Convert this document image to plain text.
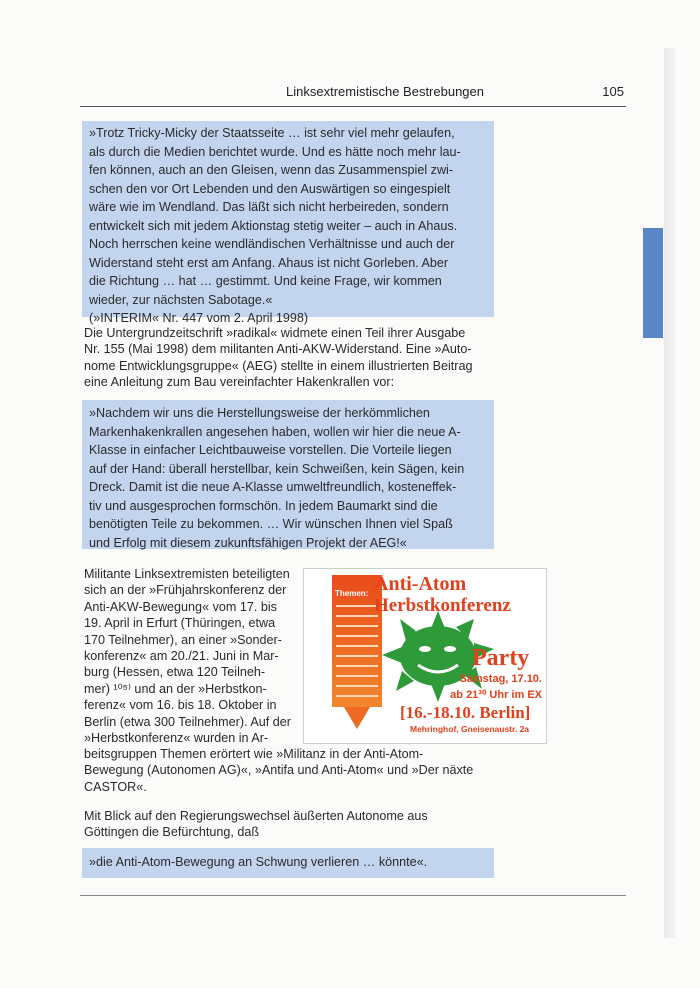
Linksextremistische Bestrebungen	105

»Trotz Tricky-Micky der Staatsseite … ist sehr viel mehr gelaufen,

als durch die Medien berichtet wurde. Und es hätte noch mehr lau-

fen können, auch an den Gleisen, wenn das Zusammenspiel zwi-

schen den vor Ort Lebenden und den Auswärtigen so eingespielt

wäre wie im Wendland. Das läßt sich nicht herbeireden, sondern

entwickelt sich mit jedem Aktionstag stetig weiter – auch in Ahaus.

Noch herrschen keine wendländischen Verhältnisse und auch der

Widerstand steht erst am Anfang. Ahaus ist nicht Gorleben. Aber

die Richtung … hat … gestimmt. Und keine Frage, wir kommen

wieder, zur nächsten Sabotage.«

(»INTERIM« Nr. 447 vom 2. April 1998)

Die Untergrundzeitschrift »radikal« widmete einen Teil ihrer Ausgabe

Nr. 155 (Mai 1998) dem militanten Anti-AKW-Widerstand. Eine »Auto-

nome Entwicklungsgruppe« (AEG) stellte in einem illustrierten Beitrag

eine Anleitung zum Bau vereinfachter Hakenkrallen vor:

»Nachdem wir uns die Herstellungsweise der herkömmlichen

Markenhakenkrallen angesehen haben, wollen wir hier die neue A-

Klasse in einfacher Leichtbauweise vorstellen. Die Vorteile liegen

auf der Hand: überall herstellbar, kein Schweißen, kein Sägen, kein

Dreck. Damit ist die neue A-Klasse umweltfreundlich, kosteneffek-

tiv und ausgesprochen formschön. In jedem Baumarkt sind die

benötigten Teile zu bekommen. … Wir wünschen Ihnen viel Spaß

und Erfolg mit diesem zukunftsfähigen Projekt der AEG!«

Militante Linksextremisten beteiligten

sich an der »Frühjahrskonferenz der

Anti-AKW-Bewegung« vom 17. bis

19. April in Erfurt (Thüringen, etwa

170 Teilnehmer), an einer »Sonder-

konferenz« am 20./21. Juni in Mar-

burg (Hessen, etwa 120 Teilneh-

mer) ¹⁰⁵⁾ und an der »Herbstkon-

ferenz« vom 16. bis 18. Oktober in

Berlin (etwa 300 Teilnehmer). Auf der

»Herbstkonferenz« wurden in Ar-

beitsgruppen Themen erörtert wie »Militanz in der Anti-Atom-

Bewegung (Autonomen AG)«, »Antifa und Anti-Atom« und »Der näxte

CASTOR«.

Themen: Anti-Atom
Herbstkonferenz
Party
Samstag, 17.10.
ab 21³⁰ Uhr im EX
[16.-18.10. Berlin]
Mehringhof, Gneisenaustr. 2a

Mit Blick auf den Regierungswechsel äußerten Autonome aus

Göttingen die Befürchtung, daß

»die Anti-Atom-Bewegung an Schwung verlieren … könnte«.
